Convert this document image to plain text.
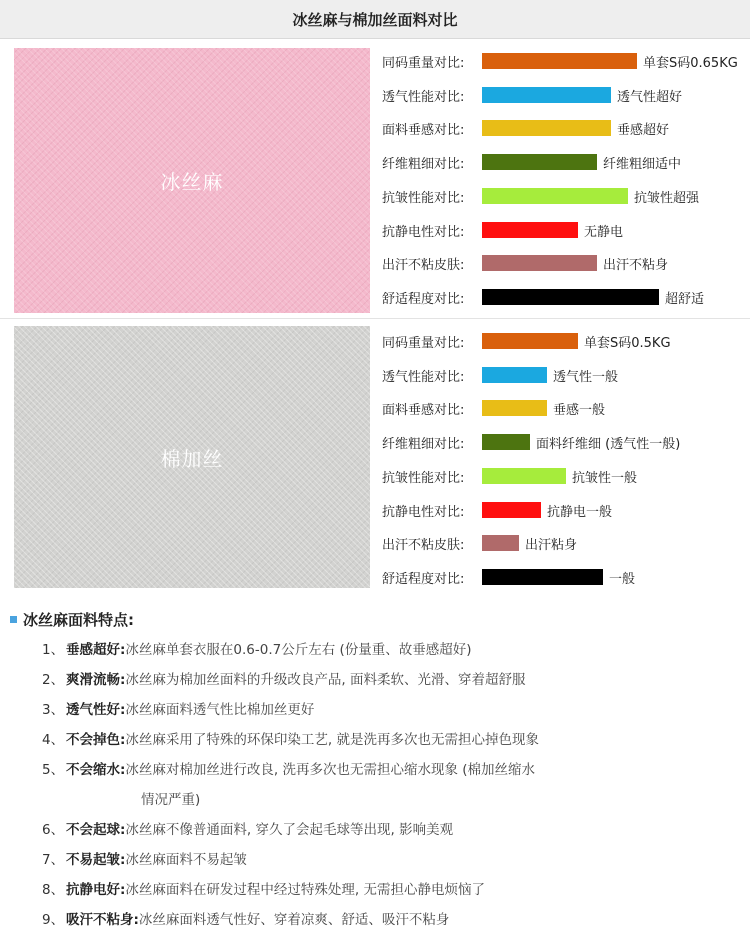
冰丝麻与棉加丝面料对比
冰丝麻
棉加丝
同码重量对比:	单套S码0.65KG
透气性能对比:	透气性超好
面料垂感对比:	垂感超好
纤维粗细对比:	纤维粗细适中
抗皱性能对比:	抗皱性超强
抗静电性对比:	无静电
出汗不粘皮肤:	出汗不粘身
舒适程度对比:	超舒适
同码重量对比:	单套S码0.5KG
透气性能对比:	透气性一般
面料垂感对比:	垂感一般
纤维粗细对比:	面料纤维细 (透气性一般)
抗皱性能对比:	抗皱性一般
抗静电性对比:	抗静电一般
出汗不粘皮肤:	出汗粘身
舒适程度对比:	一般
冰丝麻面料特点:
1、 垂感超好: 冰丝麻单套衣服在0.6-0.7公斤左右 (份量重、故垂感超好)
2、 爽滑流畅: 冰丝麻为棉加丝面料的升级改良产品, 面料柔软、光滑、穿着超舒服
3、 透气性好: 冰丝麻面料透气性比棉加丝更好
4、 不会掉色: 冰丝麻采用了特殊的环保印染工艺, 就是洗再多次也无需担心掉色现象
5、 不会缩水: 冰丝麻对棉加丝进行改良, 洗再多次也无需担心缩水现象 (棉加丝缩水
情况严重)
6、 不会起球: 冰丝麻不像普通面料, 穿久了会起毛球等出现, 影响美观
7、 不易起皱: 冰丝麻面料不易起皱
8、 抗静电好: 冰丝麻面料在研发过程中经过特殊处理, 无需担心静电烦恼了
9、 吸汗不粘身: 冰丝麻面料透气性好、穿着凉爽、舒适、吸汗不粘身
